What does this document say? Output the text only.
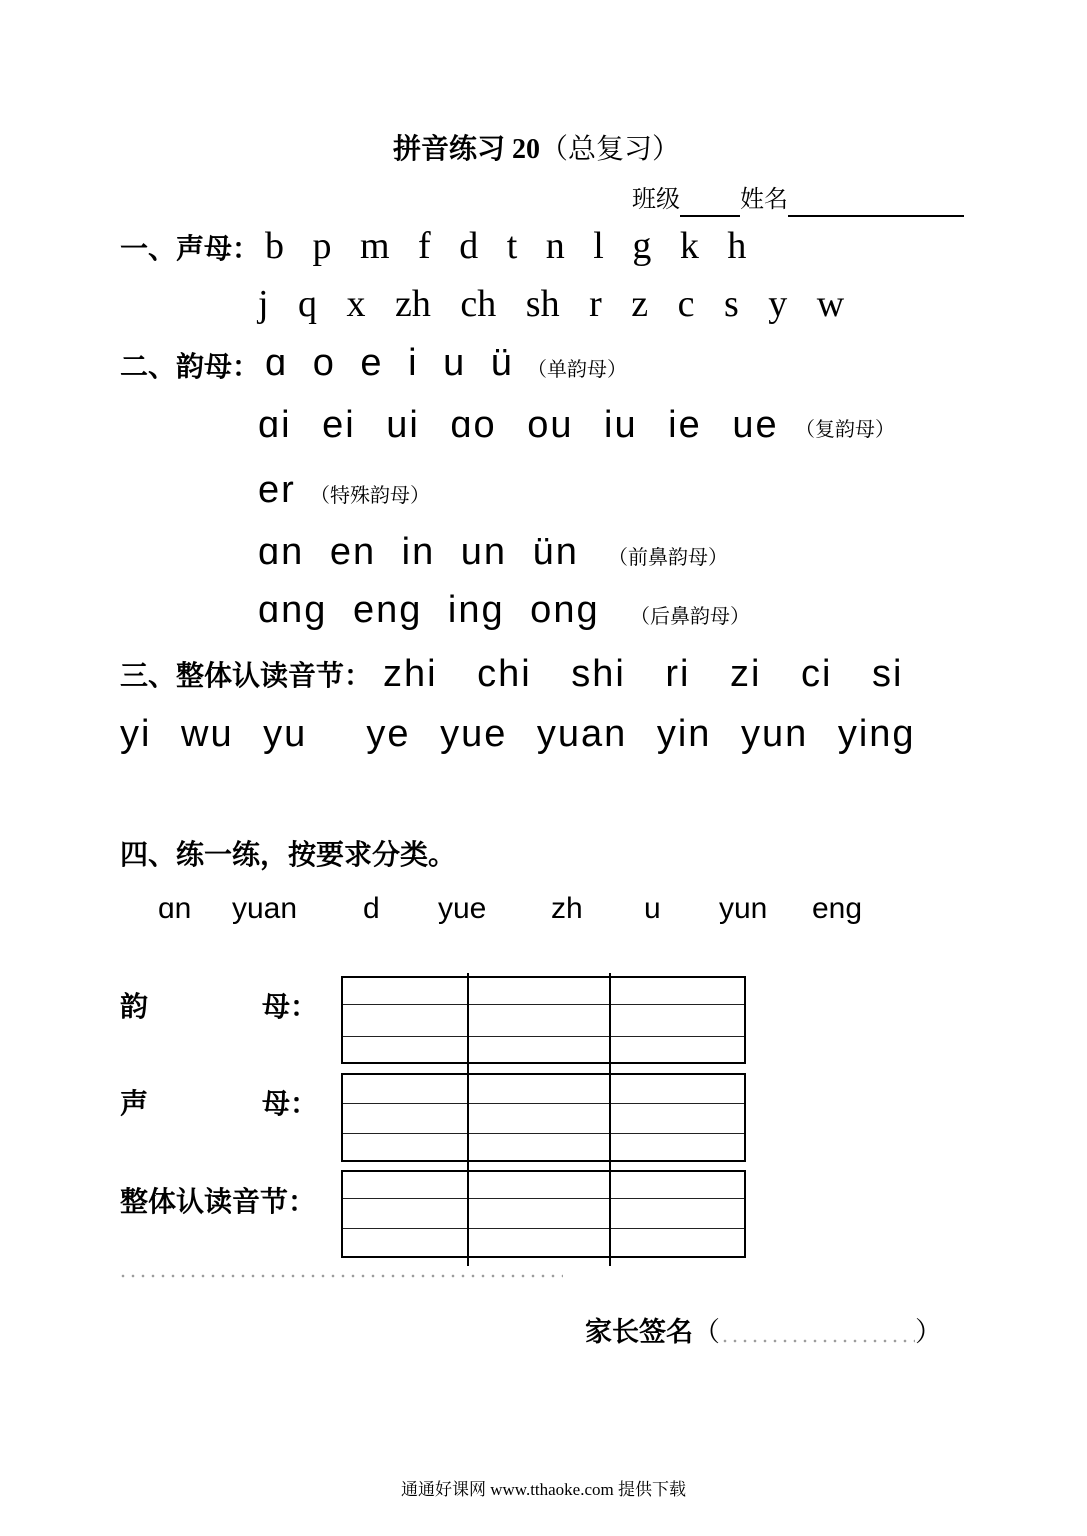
拼音练习 20（总复习）
班级	姓名
一、声母： b p m f d t n l g k h
j q x zh ch sh r z c s y w
二、韵母： ɑ o e i u ü （单韵母）
ɑi ei ui ɑo ou iu ie ue （复韵母）
er （特殊韵母）
ɑn en in un ün （前鼻韵母）
ɑng eng ing ong （后鼻韵母）
三、整体认读音节： zhi chi shi ri zi ci si
yi wu yu  ye yue yuan yin yun ying
四、练一练，按要求分类。
ɑn yuan d yue zh u yun eng
韵	母：
声	母：
整体认读音节：
家长签名 （	）
通通好课网 www.tthaoke.com 提供下载
